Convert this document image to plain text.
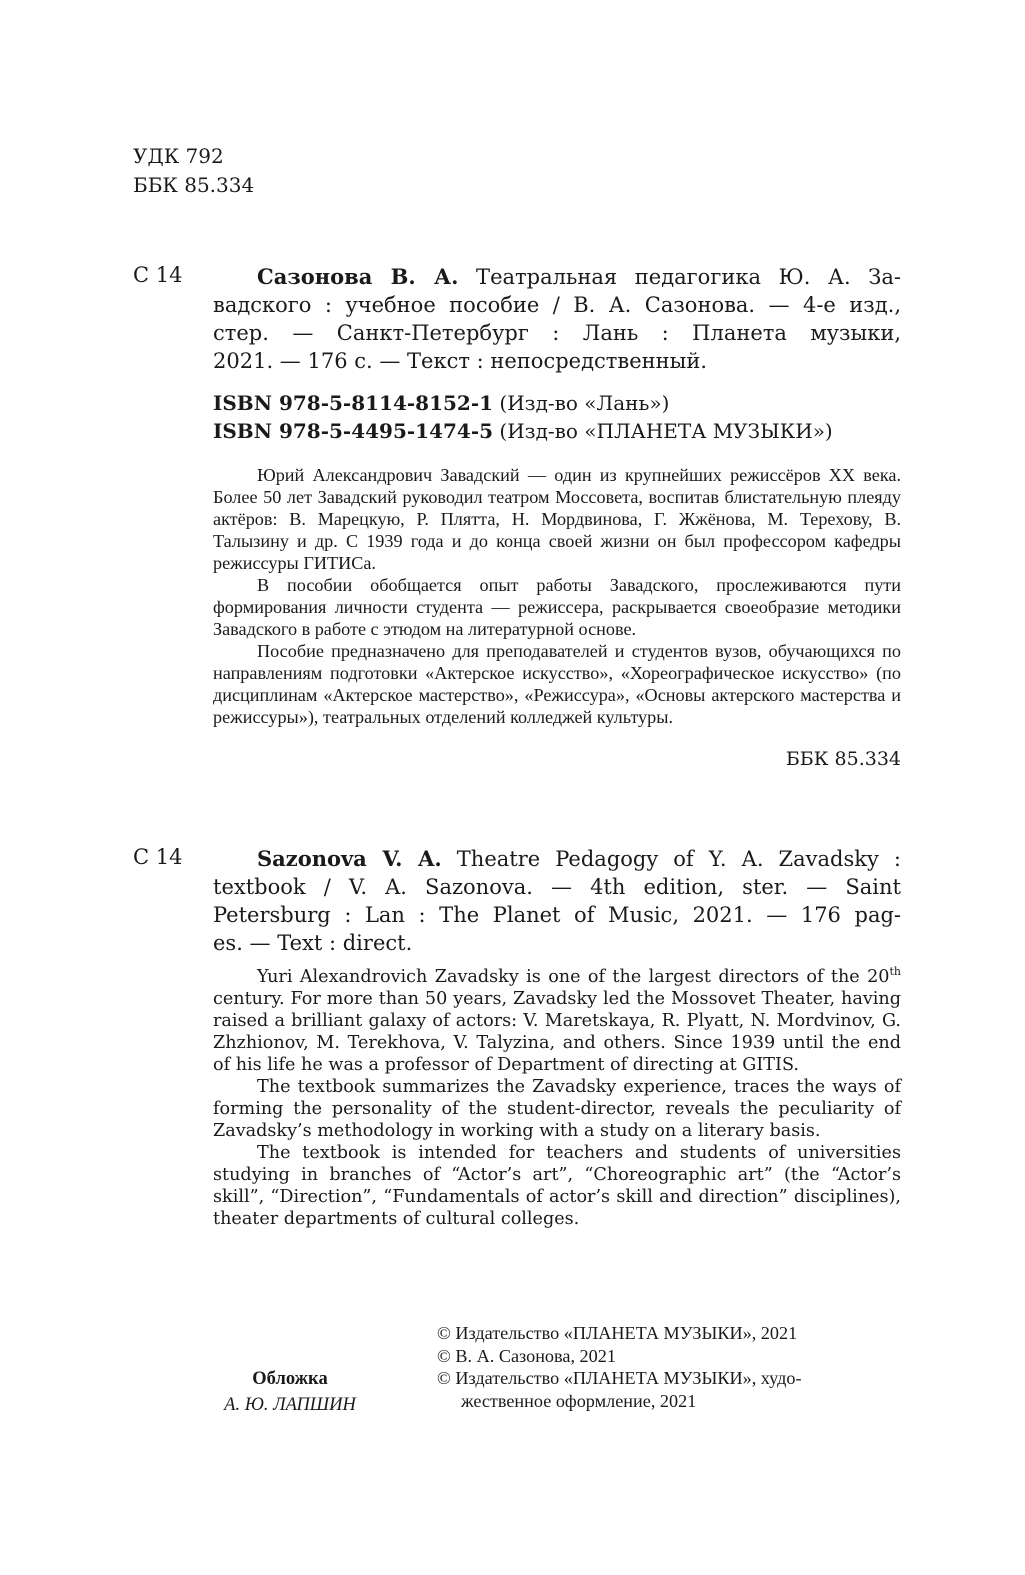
УДК 792
ББК 85.334
С 14	Сазонова В. А. Театральная педагогика Ю. А. За-
вадского : учебное пособие / В. А. Сазонова. — 4-е изд.,
стер. — Санкт-Петербург : Лань : Планета музыки,
2021. — 176 с. — Текст : непосредственный.
ISBN 978-5-8114-8152-1 (Изд-во «Лань»)
ISBN 978-5-4495-1474-5 (Изд-во «ПЛАНЕТА МУЗЫКИ»)

Юрий Александрович Завадский — один из крупнейших режиссёров XX века. Более 50 лет Завадский руководил театром Моссовета, воспитав блистательную плеяду актёров: В. Марецкую, Р. Плятта, Н. Мордвинова, Г. Жжёнова, М. Терехову, В. Талызину и др. С 1939 года и до конца своей жизни он был профессором кафедры режиссуры ГИТИСа.

В пособии обобщается опыт работы Завадского, прослеживаются пути формирования личности студента — режиссера, раскрывается своеобразие методики Завадского в работе с этюдом на литературной основе.

Пособие предназначено для преподавателей и студентов вузов, обучающихся по направлениям подготовки «Актерское искусство», «Хореографическое искусство» (по дисциплинам «Актерское мастерство», «Режиссура», «Основы актерского мастерства и режиссуры»), театральных отделений колледжей культуры.

ББК 85.334
С 14	Sazonova V. A. Theatre Pedagogy of Y. A. Zavadsky :
textbook / V. A. Sazonova. — 4th edition, ster. — Saint
Petersburg : Lan : The Planet of Music, 2021. — 176 pag-
es. — Text : direct.

Yuri Alexandrovich Zavadsky is one of the largest directors of the 20th century. For more than 50 years, Zavadsky led the Mossovet Theater, having raised a brilliant galaxy of actors: V. Maretskaya, R. Plyatt, N. Mordvinov, G. Zhzhionov, M. Terekhova, V. Talyzina, and others. Since 1939 until the end of his life he was a professor of Department of directing at GITIS.

The textbook summarizes the Zavadsky experience, traces the ways of forming the personality of the student-director, reveals the peculiarity of Zavadsky’s methodology in working with a study on a literary basis.

The textbook is intended for teachers and students of universities studying in branches of “Actor’s art”, “Choreographic art” (the “Actor’s skill”, “Direction”, “Fundamentals of actor’s skill and direction” disciplines), theater departments of cultural colleges.

Обложка
А. Ю. ЛАПШИН
© Издательство «ПЛАНЕТА МУЗЫКИ», 2021
© В. А. Сазонова, 2021
© Издательство «ПЛАНЕТА МУЗЫКИ», худо-
жественное оформление, 2021
